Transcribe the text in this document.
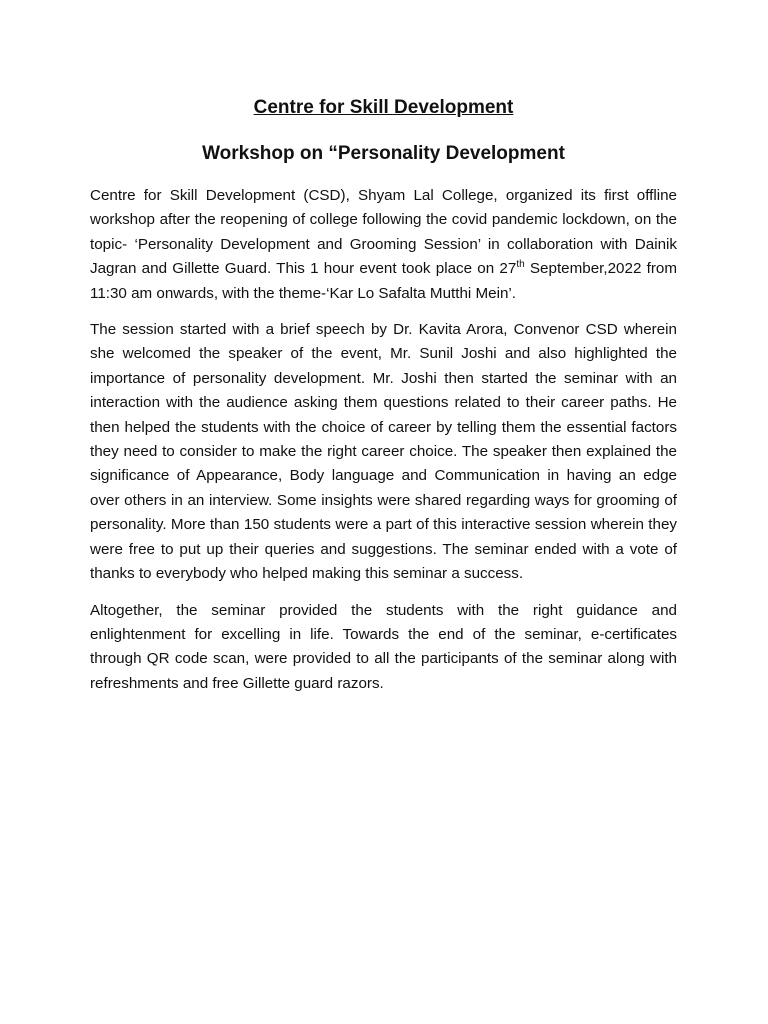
Centre for Skill Development
Workshop on “Personality Development

Centre for Skill Development (CSD), Shyam Lal College, organized its first offline workshop after the reopening of college following the covid pandemic lockdown, on the topic- ‘Personality Development and Grooming Session’ in collaboration with Dainik Jagran and Gillette Guard. This 1 hour event took place on 27th September,2022 from 11:30 am onwards, with the theme-‘Kar Lo Safalta Mutthi Mein’.

The session started with a brief speech by Dr. Kavita Arora, Convenor CSD wherein she welcomed the speaker of the event, Mr. Sunil Joshi and also highlighted the importance of personality development. Mr. Joshi then started the seminar with an interaction with the audience asking them questions related to their career paths. He then helped the students with the choice of career by telling them the essential factors they need to consider to make the right career choice. The speaker then explained the significance of Appearance, Body language and Communication in having an edge over others in an interview. Some insights were shared regarding ways for grooming of personality. More than 150 students were a part of this interactive session wherein they were free to put up their queries and suggestions. The seminar ended with a vote of thanks to everybody who helped making this seminar a success.

Altogether, the seminar provided the students with the right guidance and enlightenment for excelling in life. Towards the end of the seminar, e-certificates through QR code scan, were provided to all the participants of the seminar along with refreshments and free Gillette guard razors.
